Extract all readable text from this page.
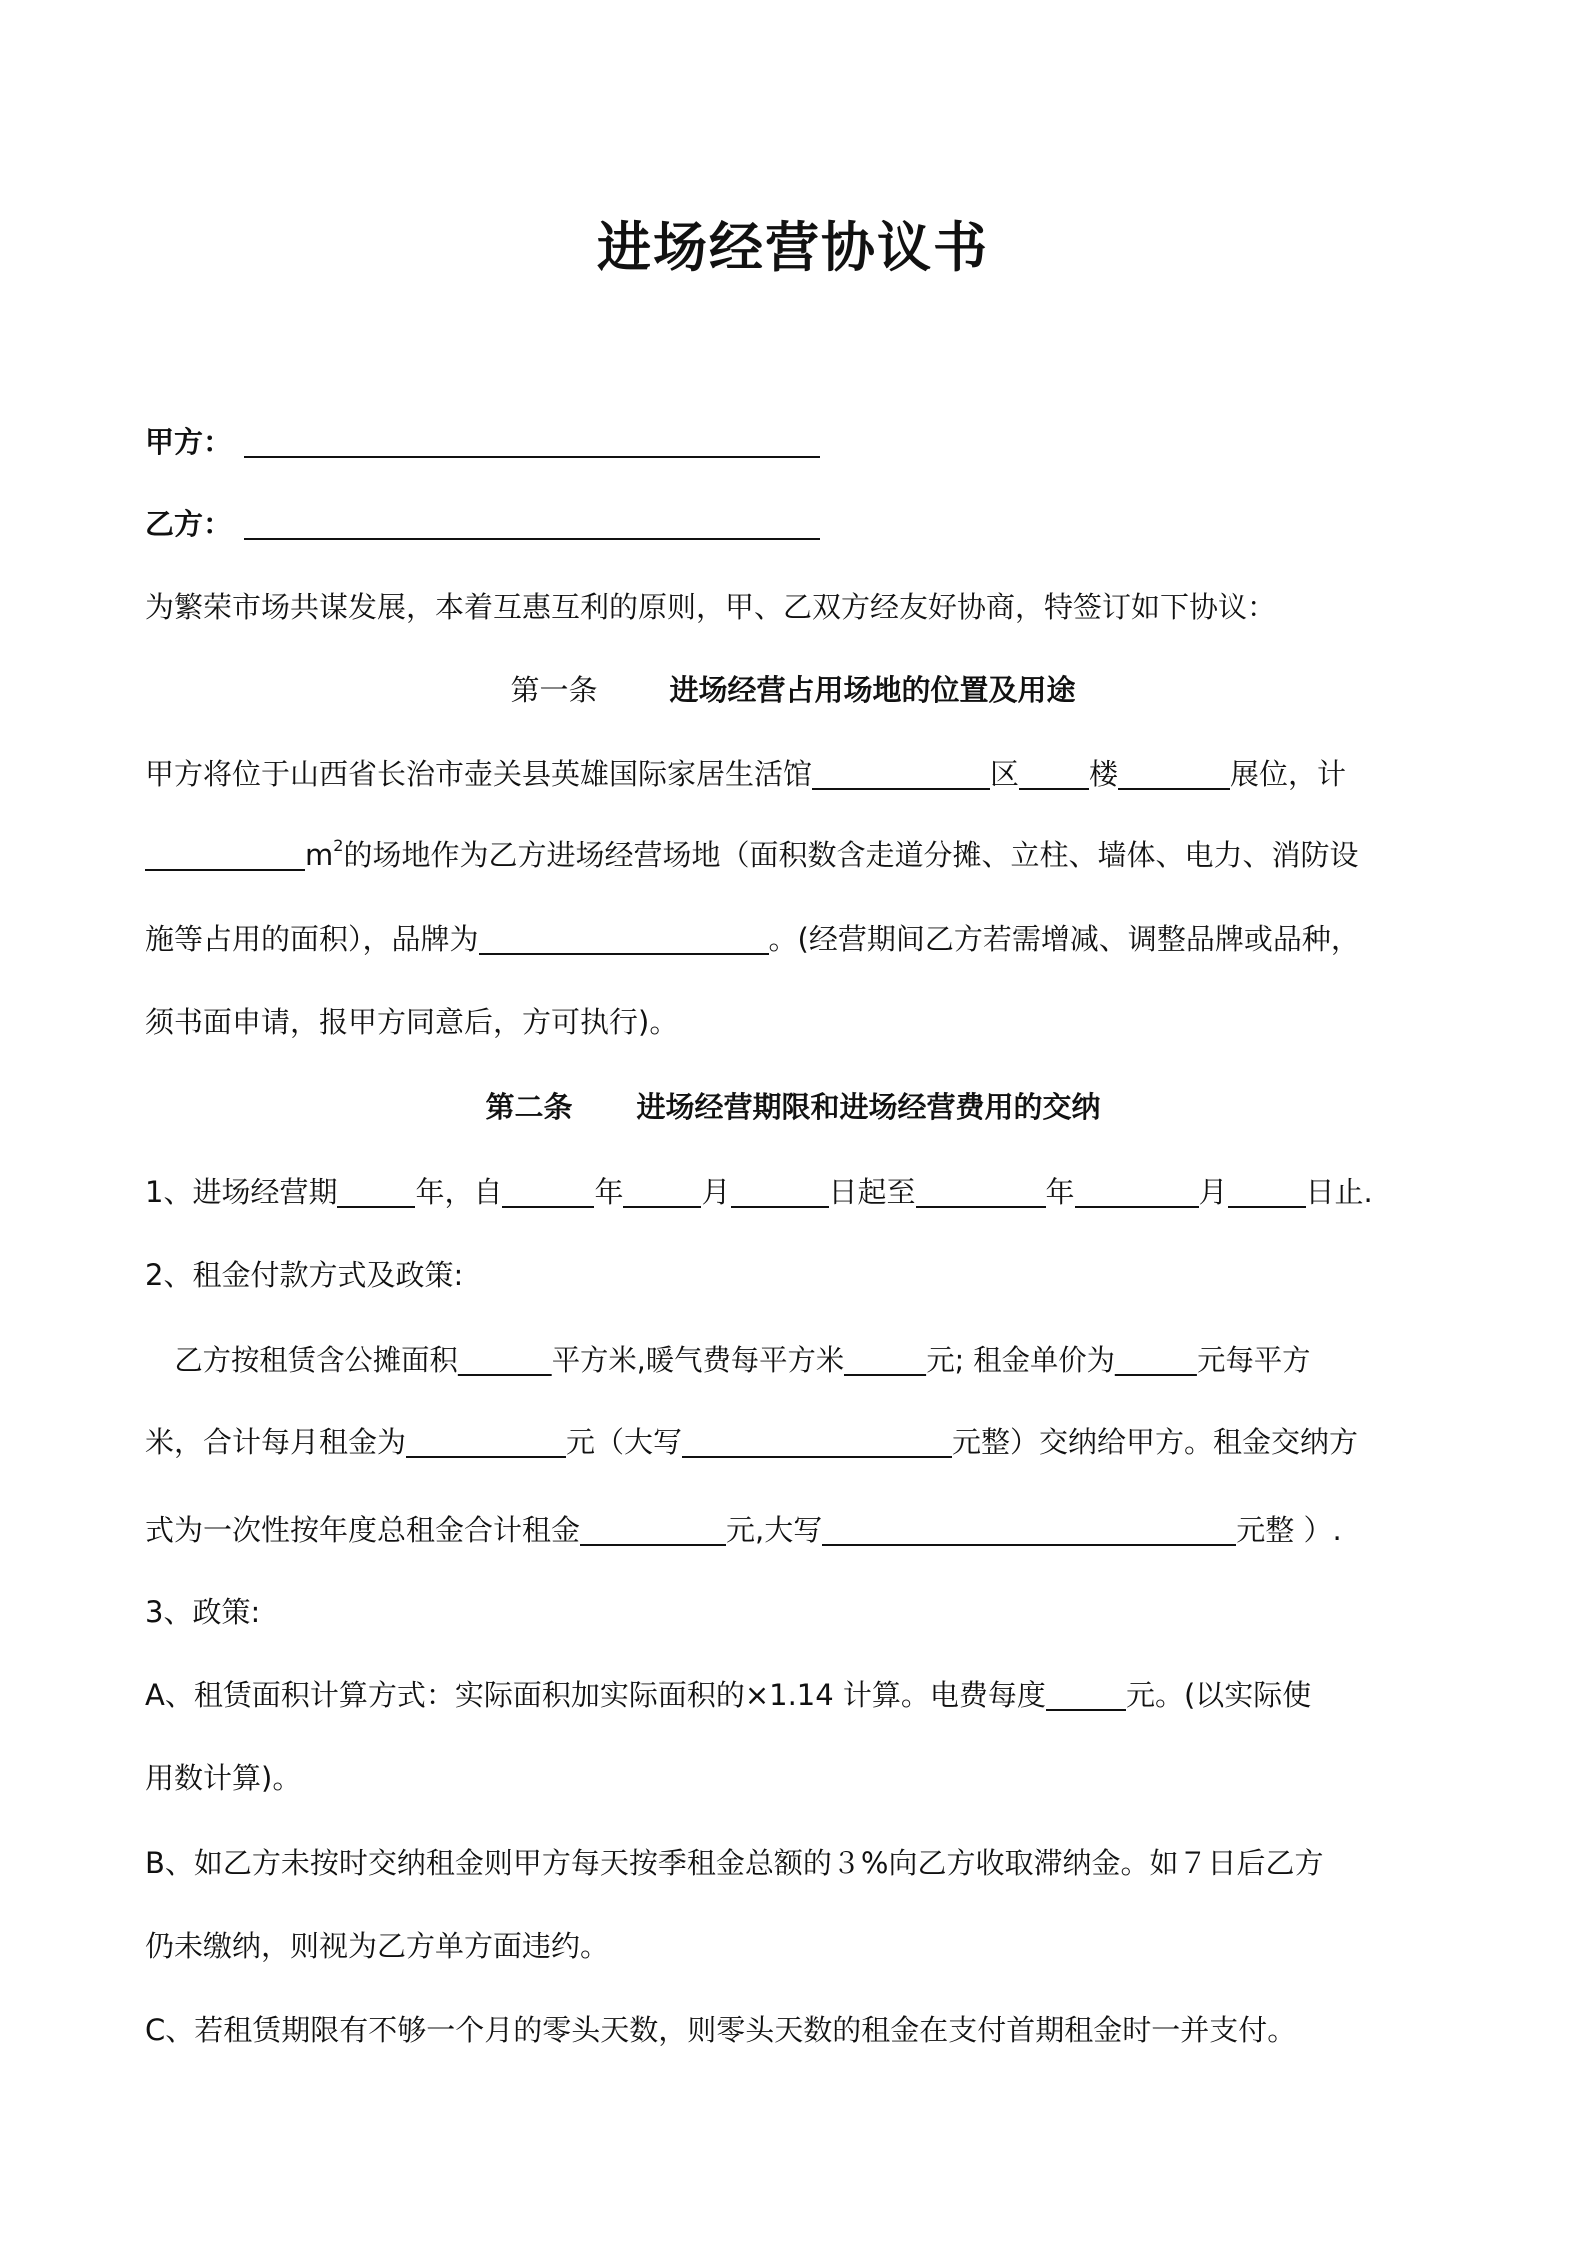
进场经营协议书
甲方：
乙方：
为繁荣市场共谋发展，本着互惠互利的原则，甲、乙双方经友好协商，特签订如下协议：
第一条 进场经营占用场地的位置及用途
甲方将位于山西省长治市壶关县英雄国际家居生活馆	区 楼	展位，计
$m^2$的场地作为乙方进场经营场地（面积数含走道分摊、立柱、墙体、电力、消防设
施等占用的面积），品牌为	。(经营期间乙方若需增减、调整品牌或品种，
须书面申请，报甲方同意后，方可执行)。
第二条 进场经营期限和进场经营费用的交纳
1、进场经营期	年，自	年	月	日起至	年	月	日止.
2、租金付款方式及政策:
乙方按租赁含公摊面积	平方米,暖气费每平方米	元; 租金单价为	元每平方
米，合计每月租金为	元（大写	元整）交纳给甲方。租金交纳方
式为一次性按年度总租金合计租金	元,大写	元整 ）.
3、政策:
A、租赁面积计算方式：实际面积加实际面积的×1.14 计算。电费每度	元。(以实际使
用数计算)。
B、如乙方未按时交纳租金则甲方每天按季租金总额的３%向乙方收取滞纳金。如７日后乙方
仍未缴纳，则视为乙方单方面违约。
C、若租赁期限有不够一个月的零头天数，则零头天数的租金在支付首期租金时一并支付。
